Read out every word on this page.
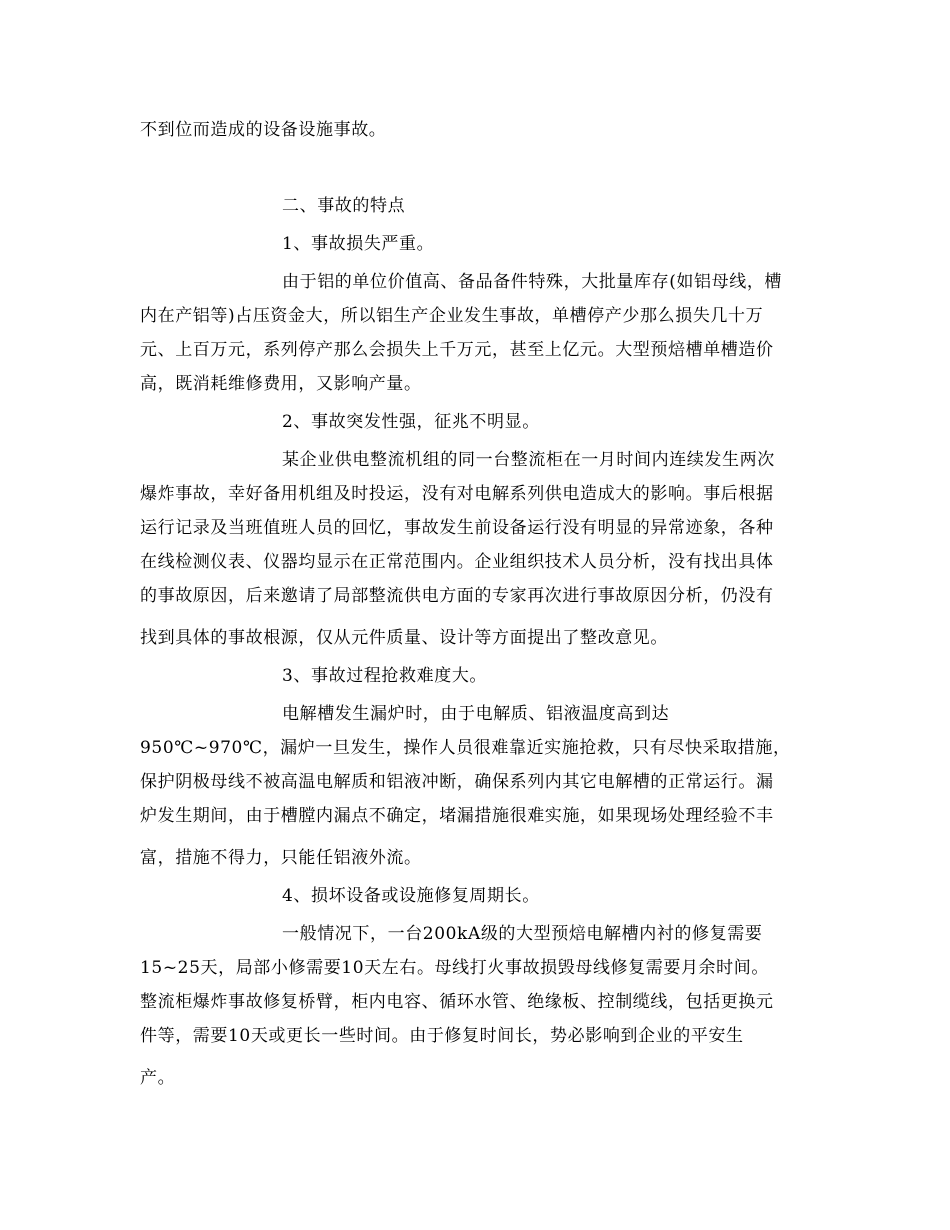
不到位而造成的设备设施事故。
二、事故的特点
1、事故损失严重。
由于铝的单位价值高、备品备件特殊，大批量库存(如铝母线，槽
内在产铝等)占压资金大，所以铝生产企业发生事故，单槽停产少那么损失几十万
元、上百万元，系列停产那么会损失上千万元，甚至上亿元。大型预焙槽单槽造价
高，既消耗维修费用，又影响产量。
2、事故突发性强，征兆不明显。
某企业供电整流机组的同一台整流柜在一月时间内连续发生两次
爆炸事故，幸好备用机组及时投运，没有对电解系列供电造成大的影响。事后根据
运行记录及当班值班人员的回忆，事故发生前设备运行没有明显的异常迹象，各种
在线检测仪表、仪器均显示在正常范围内。企业组织技术人员分析，没有找出具体
的事故原因，后来邀请了局部整流供电方面的专家再次进行事故原因分析，仍没有
找到具体的事故根源，仅从元件质量、设计等方面提出了整改意见。
3、事故过程抢救难度大。
电解槽发生漏炉时，由于电解质、铝液温度高到达
950℃~970℃，漏炉一旦发生，操作人员很难靠近实施抢救，只有尽快采取措施，
保护阴极母线不被高温电解质和铝液冲断，确保系列内其它电解槽的正常运行。漏
炉发生期间，由于槽膛内漏点不确定，堵漏措施很难实施，如果现场处理经验不丰
富，措施不得力，只能任铝液外流。
4、损坏设备或设施修复周期长。
一般情况下，一台200kA级的大型预焙电解槽内衬的修复需要
15~25天，局部小修需要10天左右。母线打火事故损毁母线修复需要月余时间。
整流柜爆炸事故修复桥臂，柜内电容、循环水管、绝缘板、控制缆线，包括更换元
件等，需要10天或更长一些时间。由于修复时间长，势必影响到企业的平安生
产。
